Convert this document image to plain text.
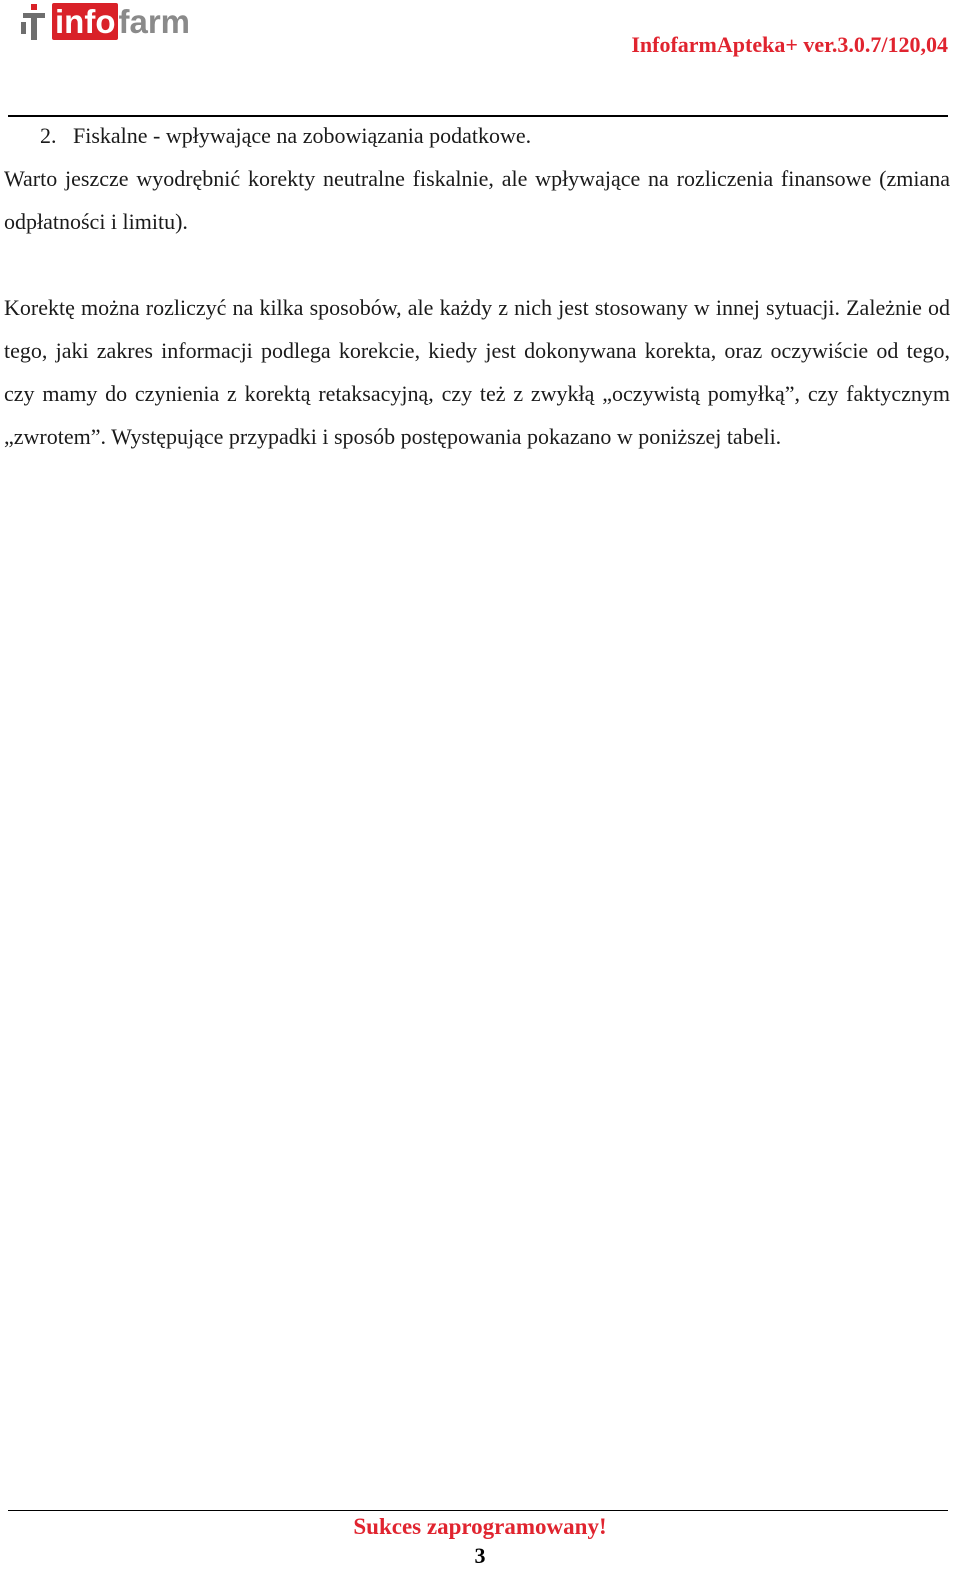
infofarm
InfofarmApteka+ ver.3.0.7/120,04

2.   Fiskalne - wpływające na zobowiązania podatkowe.

Warto jeszcze wyodrębnić korekty neutralne fiskalnie, ale wpływające na rozliczenia finansowe (zmiana odpłatności i limitu).

Korektę można rozliczyć na kilka sposobów, ale każdy z nich jest stosowany w innej sytuacji. Zależnie od tego, jaki zakres informacji podlega korekcie, kiedy jest dokonywana korekta, oraz oczywiście od tego, czy mamy do czynienia z korektą retaksacyjną, czy też z zwykłą „oczywistą pomyłką”, czy faktycznym „zwrotem”. Występujące przypadki i sposób postępowania pokazano w poniższej tabeli.

Sukces zaprogramowany!
3
